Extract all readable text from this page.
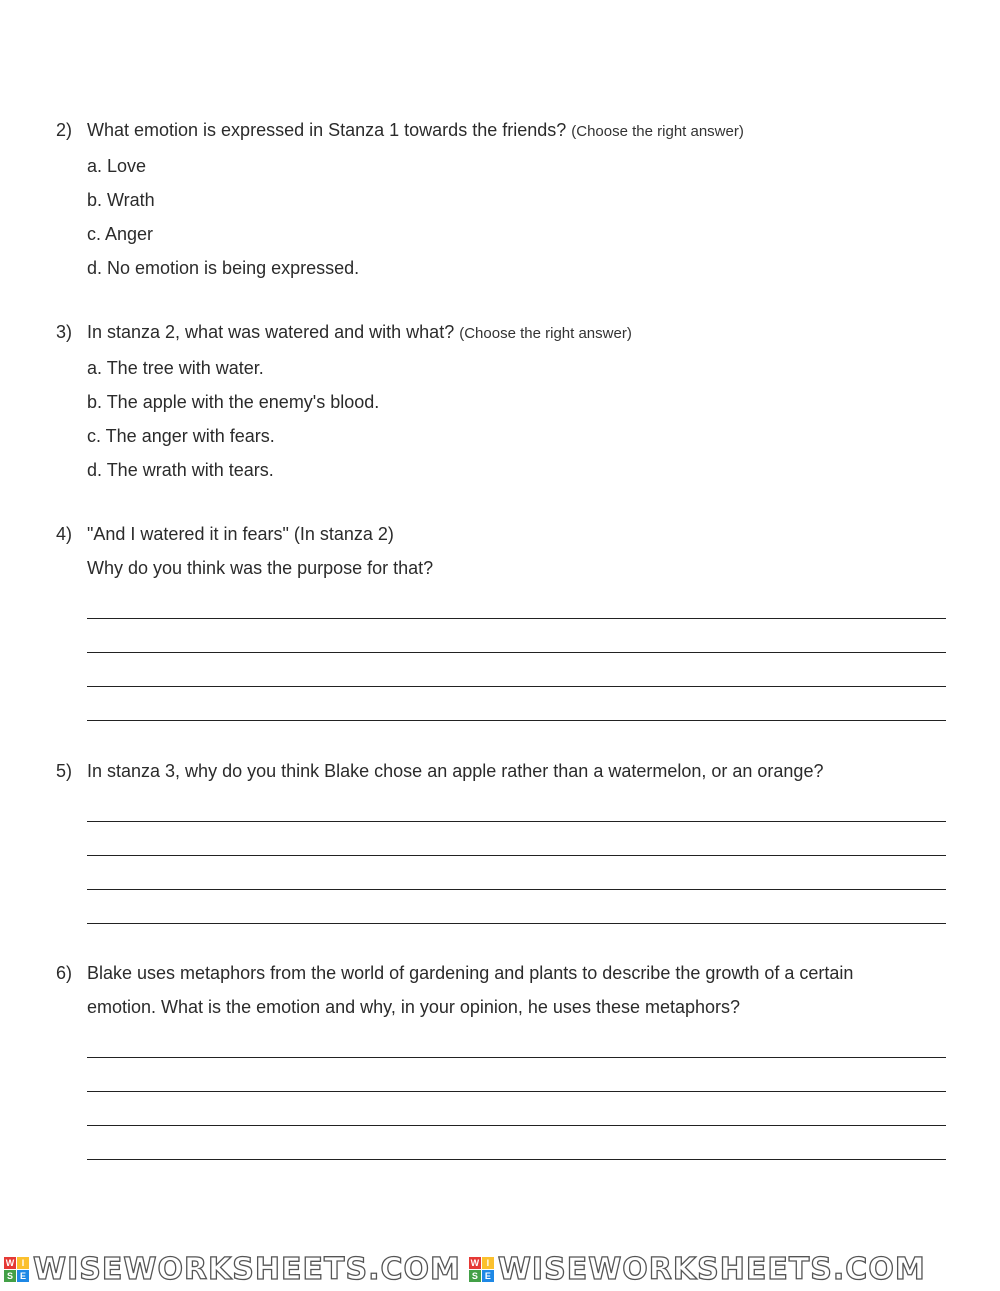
2) What emotion is expressed in Stanza 1 towards the friends? (Choose the right answer)
a. Love
b. Wrath
c. Anger
d. No emotion is being expressed.
3) In stanza 2, what was watered and with what? (Choose the right answer)
a. The tree with water.
b. The apple with the enemy's blood.
c. The anger with fears.
d. The wrath with tears.
4) "And I watered it in fears" (In stanza 2)
Why do you think was the purpose for that?
5) In stanza 3, why do you think Blake chose an apple rather than a watermelon, or an orange?
6) Blake uses metaphors from the world of gardening and plants to describe the growth of a certain
emotion. What is the emotion and why, in your opinion, he uses these metaphors?
W I
S E WISEWORKSHEETS.COM W I
S E WISEWORKSHEETS.COM
